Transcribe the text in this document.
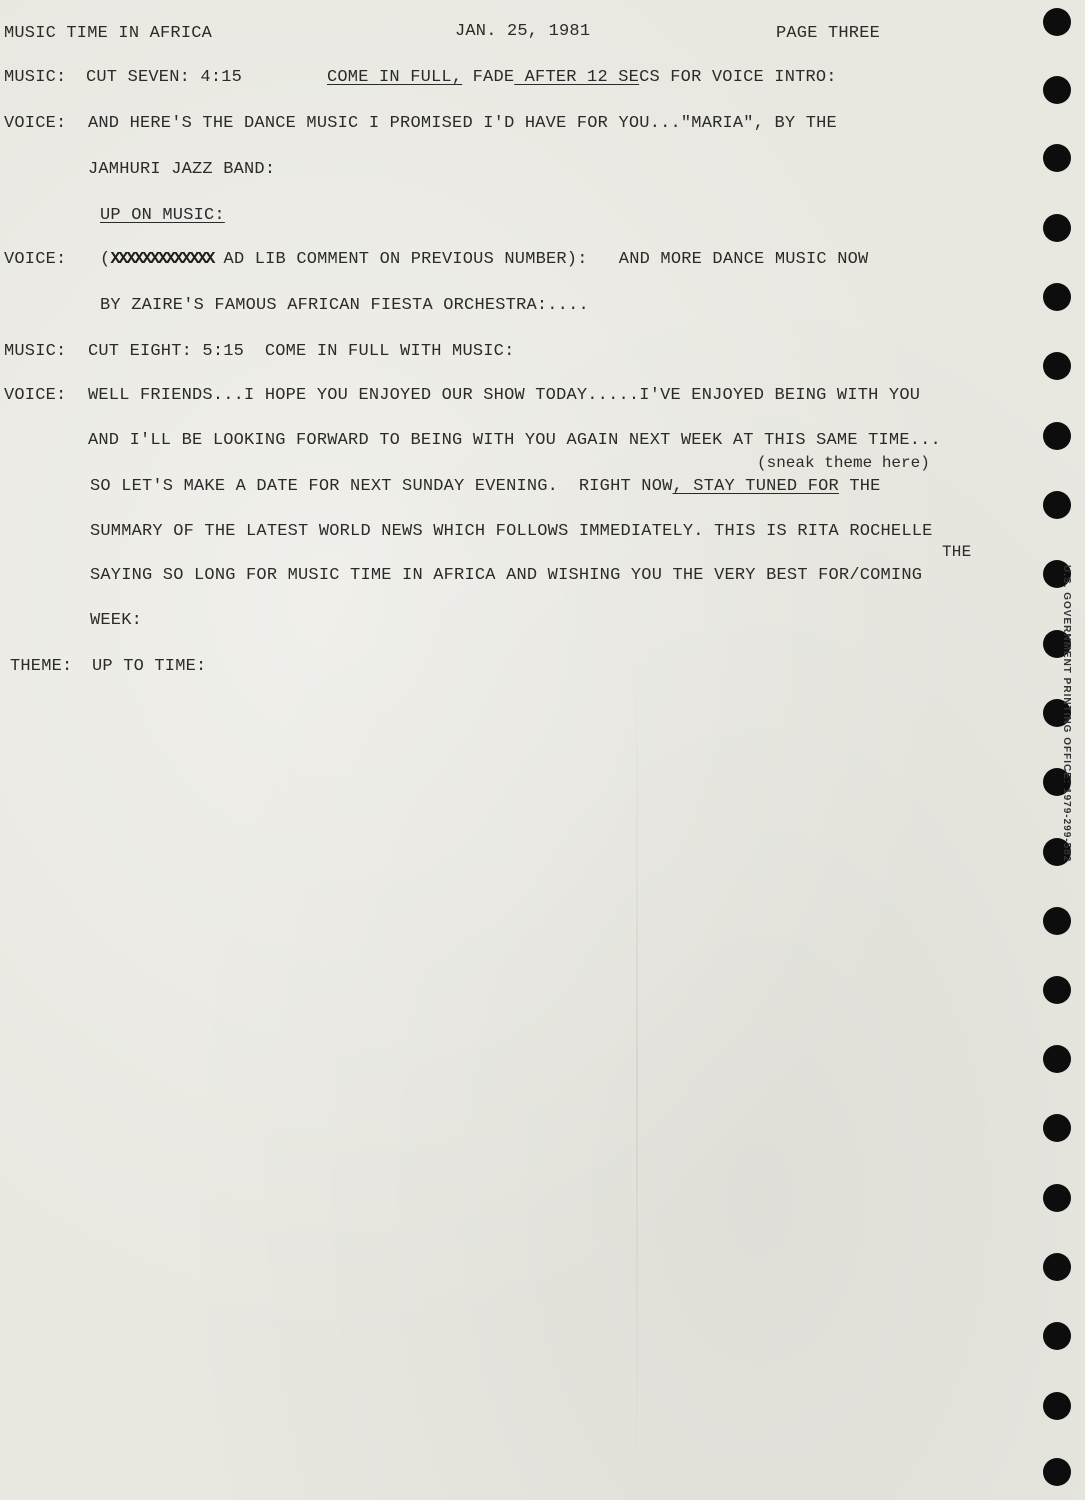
MUSIC TIME IN AFRICA	JAN. 25, 1981	PAGE THREE
MUSIC: CUT SEVEN: 4:15	COME IN FULL, FADE AFTER 12 SECS FOR VOICE INTRO:
VOICE: AND HERE'S THE DANCE MUSIC I PROMISED I'D HAVE FOR YOU..."MARIA", BY THE
JAMHURI JAZZ BAND:
UP ON MUSIC:
VOICE: (XXXXXXXXXXXXX AD LIB COMMENT ON PREVIOUS NUMBER):   AND MORE DANCE MUSIC NOW
BY ZAIRE'S FAMOUS AFRICAN FIESTA ORCHESTRA:....
MUSIC: CUT EIGHT: 5:15  COME IN FULL WITH MUSIC:
VOICE: WELL FRIENDS...I HOPE YOU ENJOYED OUR SHOW TODAY.....I'VE ENJOYED BEING WITH YOU
AND I'LL BE LOOKING FORWARD TO BEING WITH YOU AGAIN NEXT WEEK AT THIS SAME TIME...
(sneak theme here)
SO LET'S MAKE A DATE FOR NEXT SUNDAY EVENING.  RIGHT NOW, STAY TUNED FOR THE
SUMMARY OF THE LATEST WORLD NEWS WHICH FOLLOWS IMMEDIATELY. THIS IS RITA ROCHELLE
THE
SAYING SO LONG FOR MUSIC TIME IN AFRICA AND WISHING YOU THE VERY BEST FOR/COMING
WEEK:
THEME: UP TO TIME:	U.S. GOVERNMENT PRINTING OFFICE: 1979-299-582
